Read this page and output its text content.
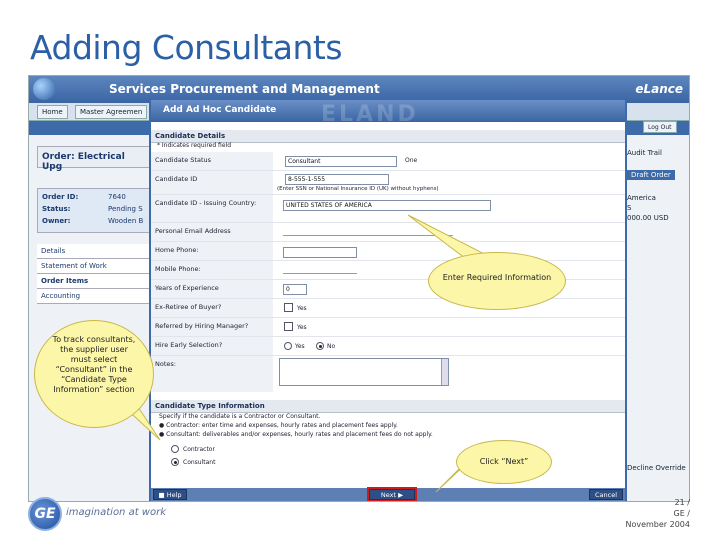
Adding Consultants
Services Procurement and Management	eLance
Home	Master Agreemen
Log Out
Order: Electrical Upg
Order ID:	7640
Status:	Pending S
Owner:	Wooden B
Details
Statement of Work
Order Items
Accounting
Audit Trail
Draft Order
America
S
000.00 USD
Decline Override
Add Ad Hoc Candidate	ELAND
Candidate Details
* Indicates required field
Candidate Status	Consultant	One
Candidate ID	8-555-1-555
(Enter SSN or National Insurance ID (UK) without hyphens)
Candidate ID - Issuing Country:	UNITED STATES OF AMERICA
Personal Email Address
Home Phone:
Mobile Phone:
Years of Experience	0
Ex-Retiree of Buyer?	Yes
Referred by Hiring Manager?	Yes
Hire Early Selection?	Yes	No
Notes:
Candidate Type Information
Specify if the candidate is a Contractor or Consultant.
● Contractor: enter time and expenses, hourly rates and placement fees apply.
● Consultant: deliverables and/or expenses, hourly rates and placement fees do not apply.
Contractor
Consultant
■ Help	Next ▶	Cancel
Enter Required Information
To track consultants, the supplier user must select “Consultant” in the “Candidate Type Information” section
Click “Next”
GE	imagination at work
21 /
GE /
November 2004
